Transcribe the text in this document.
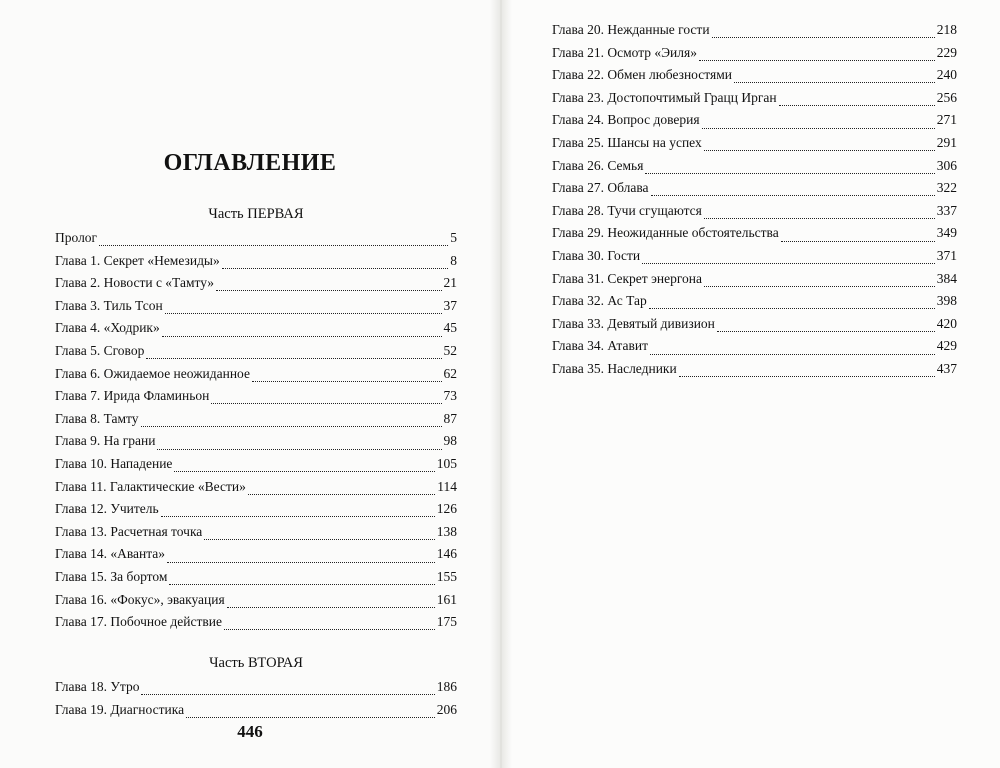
ОГЛАВЛЕНИЕ
Часть ПЕРВАЯ
Пролог	5
Глава 1. Секрет «Немезиды»	8
Глава 2. Новости с «Тамту»	21
Глава 3. Тиль Тсон	37
Глава 4. «Ходрик»	45
Глава 5. Сговор	52
Глава 6. Ожидаемое неожиданное	62
Глава 7. Ирида Фламиньон	73
Глава 8. Тамту	87
Глава 9. На грани	98
Глава 10. Нападение	105
Глава 11. Галактические «Вести»	114
Глава 12. Учитель	126
Глава 13. Расчетная точка	138
Глава 14. «Аванта»	146
Глава 15. За бортом	155
Глава 16. «Фокус», эвакуация	161
Глава 17. Побочное действие	175
Часть ВТОРАЯ
Глава 18. Утро	186
Глава 19. Диагностика	206
Глава 20. Нежданные гости	218
Глава 21. Осмотр «Эиля»	229
Глава 22. Обмен любезностями	240
Глава 23. Достопочтимый Грацц Ирган	256
Глава 24. Вопрос доверия	271
Глава 25. Шансы на успех	291
Глава 26. Семья	306
Глава 27. Облава	322
Глава 28. Тучи сгущаются	337
Глава 29. Неожиданные обстоятельства	349
Глава 30. Гости	371
Глава 31. Секрет энергона	384
Глава 32. Ас Тар	398
Глава 33. Девятый дивизион	420
Глава 34. Атавит	429
Глава 35. Наследники	437
446
